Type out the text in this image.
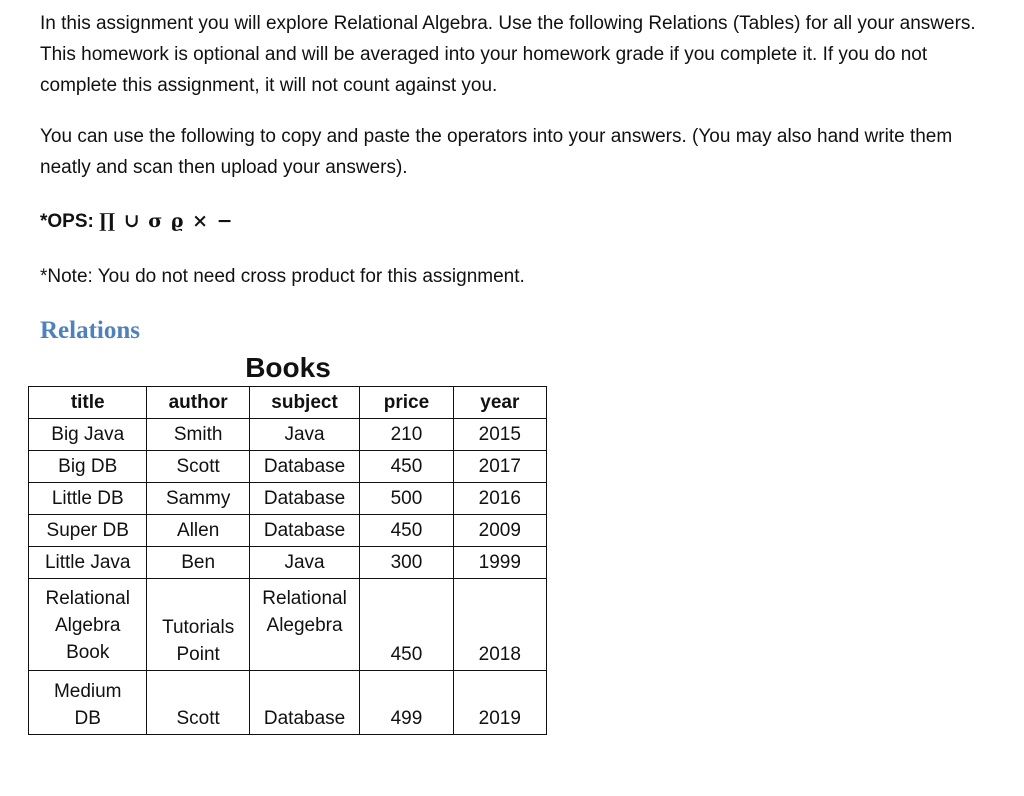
In this assignment you will explore Relational Algebra. Use the following Relations (Tables) for all your answers. This homework is optional and will be averaged into your homework grade if you complete it. If you do not complete this assignment, it will not count against you.

You can use the following to copy and paste the operators into your answers. (You may also hand write them neatly and scan then upload your answers).

*OPS: ∏ ∪ σ ϱ × −
*Note: You do not need cross product for this assignment.
Relations
Books
title	author	subject	price	year
Big Java	Smith	Java	210	2015
Big DB	Scott	Database	450	2017
Little DB	Sammy	Database	500	2016
Super DB	Allen	Database	450	2009
Little Java	Ben	Java	300	1999
Relational Algebra Book	Tutorials Point	Relational Alegebra	450	2018
Medium DB	Scott	Database	499	2019
